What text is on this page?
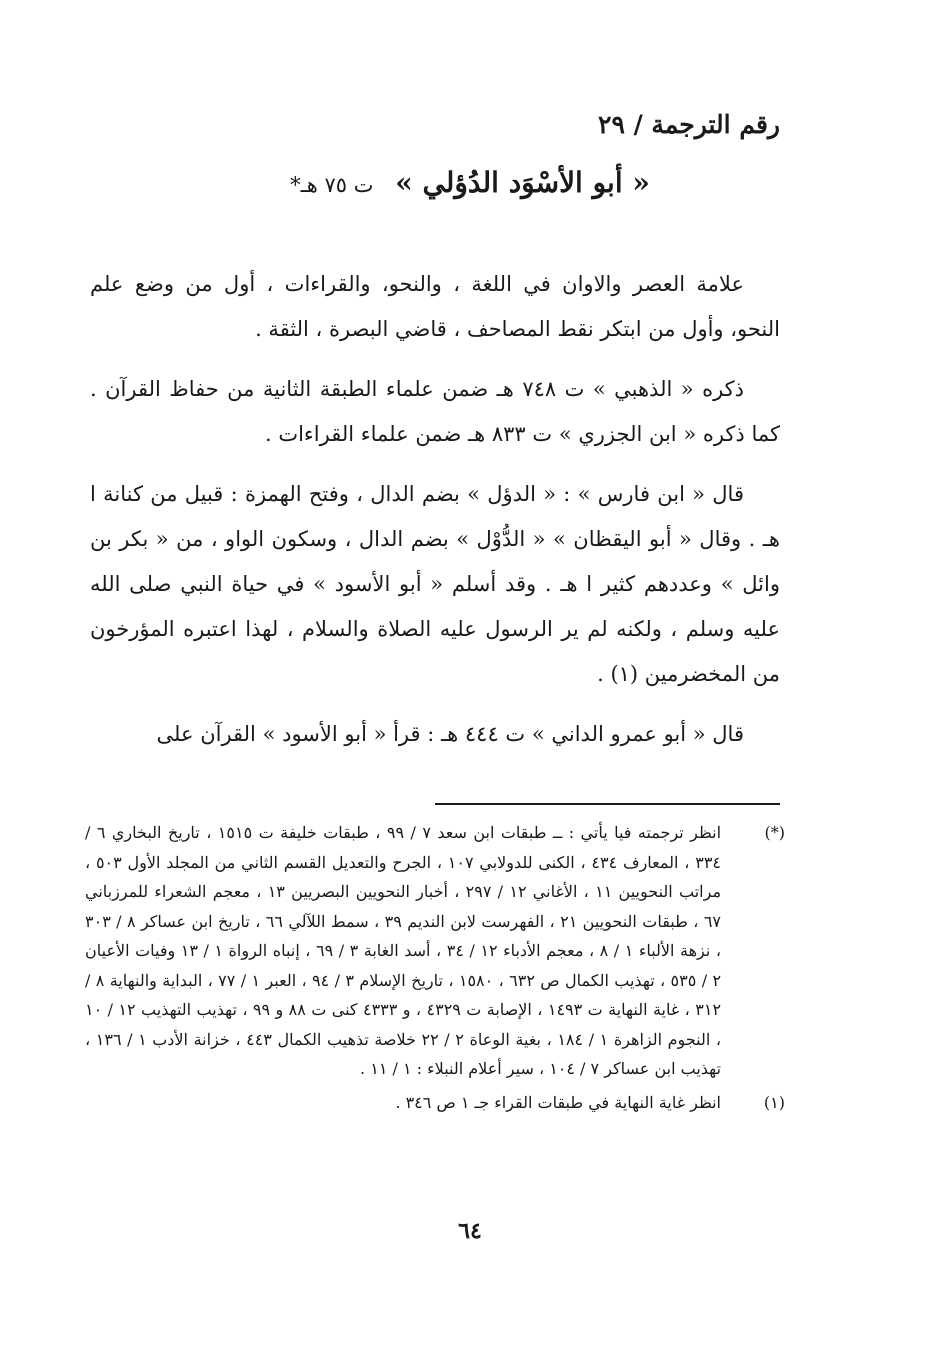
رقم الترجمة / ٢٩
« أبو الأسْوَد الدُؤلي » ت ٧٥ هـ*

علامة العصر والاوان في اللغة ، والنحو، والقراءات ، أول من وضع علم النحو، وأول من ابتكر نقط المصاحف ، قاضي البصرة ، الثقة .

ذكره « الذهبي » ت ٧٤٨ هـ ضمن علماء الطبقة الثانية من حفاظ القرآن . كما ذكره « ابن الجزري » ت ٨٣٣ هـ ضمن علماء القراءات .

قال « ابن فارس » : « الدؤل » بضم الدال ، وفتح الهمزة : قبيل من كنانة ا هـ . وقال « أبو اليقظان » « الدُّوْل » بضم الدال ، وسكون الواو ، من « بكر بن وائل » وعددهم كثير ا هـ . وقد أسلم « أبو الأسود » في حياة النبي صلى الله عليه وسلم ، ولكنه لم ير الرسول عليه الصلاة والسلام ، لهذا اعتبره المؤرخون من المخضرمين (١) .

قال « أبو عمرو الداني » ت ٤٤٤ هـ : قرأ « أبو الأسود » القرآن على

(*)
انظر ترجمته فيا يأتي : ــ طبقات ابن سعد ٧ / ٩٩ ، طبقات خليفة ت ١٥١٥ ، تاريخ البخاري ٦ / ٣٣٤ ، المعارف ٤٣٤ ، الكنى للدولابي ١٠٧ ، الجرح والتعديل القسم الثاني من المجلد الأول ٥٠٣ ، مراتب النحويين ١١ ، الأغاني ١٢ / ٢٩٧ ، أخبار النحويين البصريين ١٣ ، معجم الشعراء للمرزباني ٦٧ ، طبقات النحويين ٢١ ، الفهرست لابن النديم ٣٩ ، سمط اللآلي ٦٦ ، تاريخ ابن عساكر ٨ / ٣٠٣ ، نزهة الألباء ١ / ٨ ، معجم الأدباء ١٢ / ٣٤ ، أسد الغابة ٣ / ٦٩ ، إنباه الرواة ١ / ١٣ وفيات الأعيان ٢ / ٥٣٥ ، تهذيب الكمال ص ٦٣٢ ، ١٥٨٠ ، تاريخ الإسلام ٣ / ٩٤ ، العبر ١ / ٧٧ ، البداية والنهاية ٨ / ٣١٢ ، غاية النهاية ت ١٤٩٣ ، الإصابة ت ٤٣٢٩ ، و ٤٣٣٣ كنى ت ٨٨ و ٩٩ ، تهذيب التهذيب ١٢ / ١٠ ، النجوم الزاهرة ١ / ١٨٤ ، بغية الوعاة ٢ / ٢٢ خلاصة تذهيب الكمال ٤٤٣ ، خزانة الأدب ١ / ١٣٦ ، تهذيب ابن عساكر ٧ / ١٠٤ ، سير أعلام النبلاء : ١ / ١١ .
(١)
انظر غاية النهاية في طبقات القراء جـ ١ ص ٣٤٦ .
٦٤
